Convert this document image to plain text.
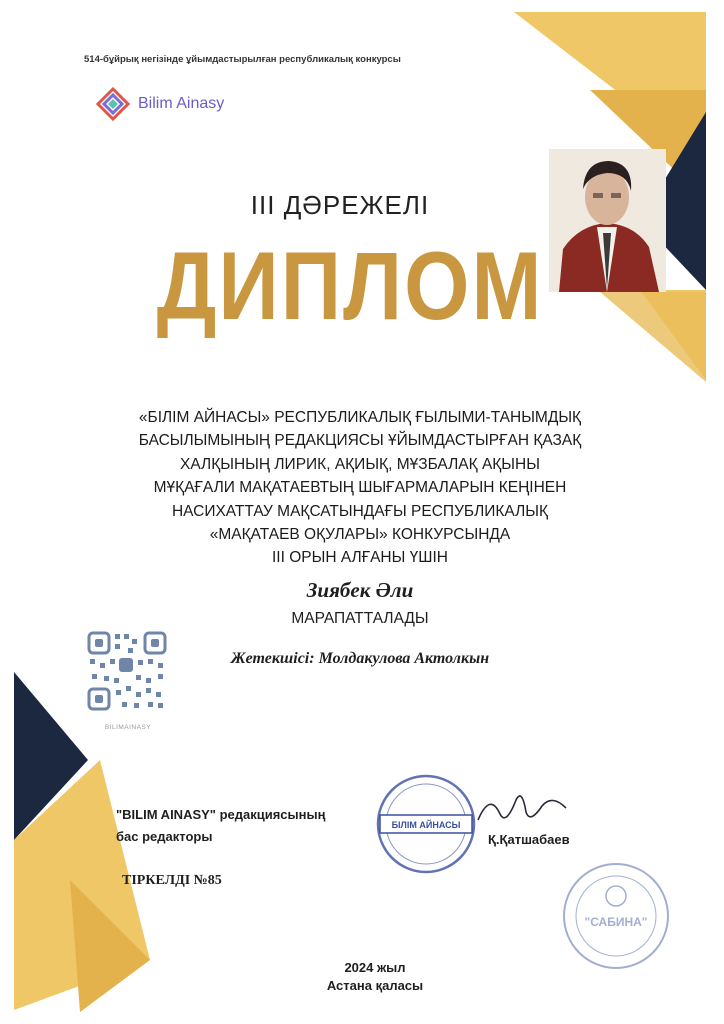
514-бұйрық негізінде ұйымдастырылған республикалық конкурсы
Bilim Ainasy
ІІІ ДӘРЕЖЕЛІ
ДИПЛОМ
«БІЛІМ АЙНАСЫ» РЕСПУБЛИКАЛЫҚ ҒЫЛЫМИ-ТАНЫМДЫҚ
БАСЫЛЫМЫНЫҢ РЕДАКЦИЯСЫ ҰЙЫМДАСТЫРҒАН ҚАЗАҚ
ХАЛҚЫНЫҢ ЛИРИК, АҚИЫҚ, МҰЗБАЛАҚ АҚЫНЫ
МҰҚАҒАЛИ МАҚАТАЕВТЫҢ ШЫҒАРМАЛАРЫН КЕҢІНЕН
НАСИХАТТАУ МАҚСАТЫНДАҒЫ РЕСПУБЛИКАЛЫҚ
«МАҚАТАЕВ ОҚУЛАРЫ» КОНКУРСЫНДА
ІІІ ОРЫН АЛҒАНЫ ҮШІН
Зиябек Әли
МАРАПАТТАЛАДЫ
Жетекшісі: Молдакулова Актолкын
BILIMAINASY
"BILIM AINASY" редакциясының
бас редакторы
БІЛІМ АЙНАСЫ
"САБИНА"
Қ.Қатшабаев
ТІРКЕЛДІ №85
2024 жыл
Астана қаласы
